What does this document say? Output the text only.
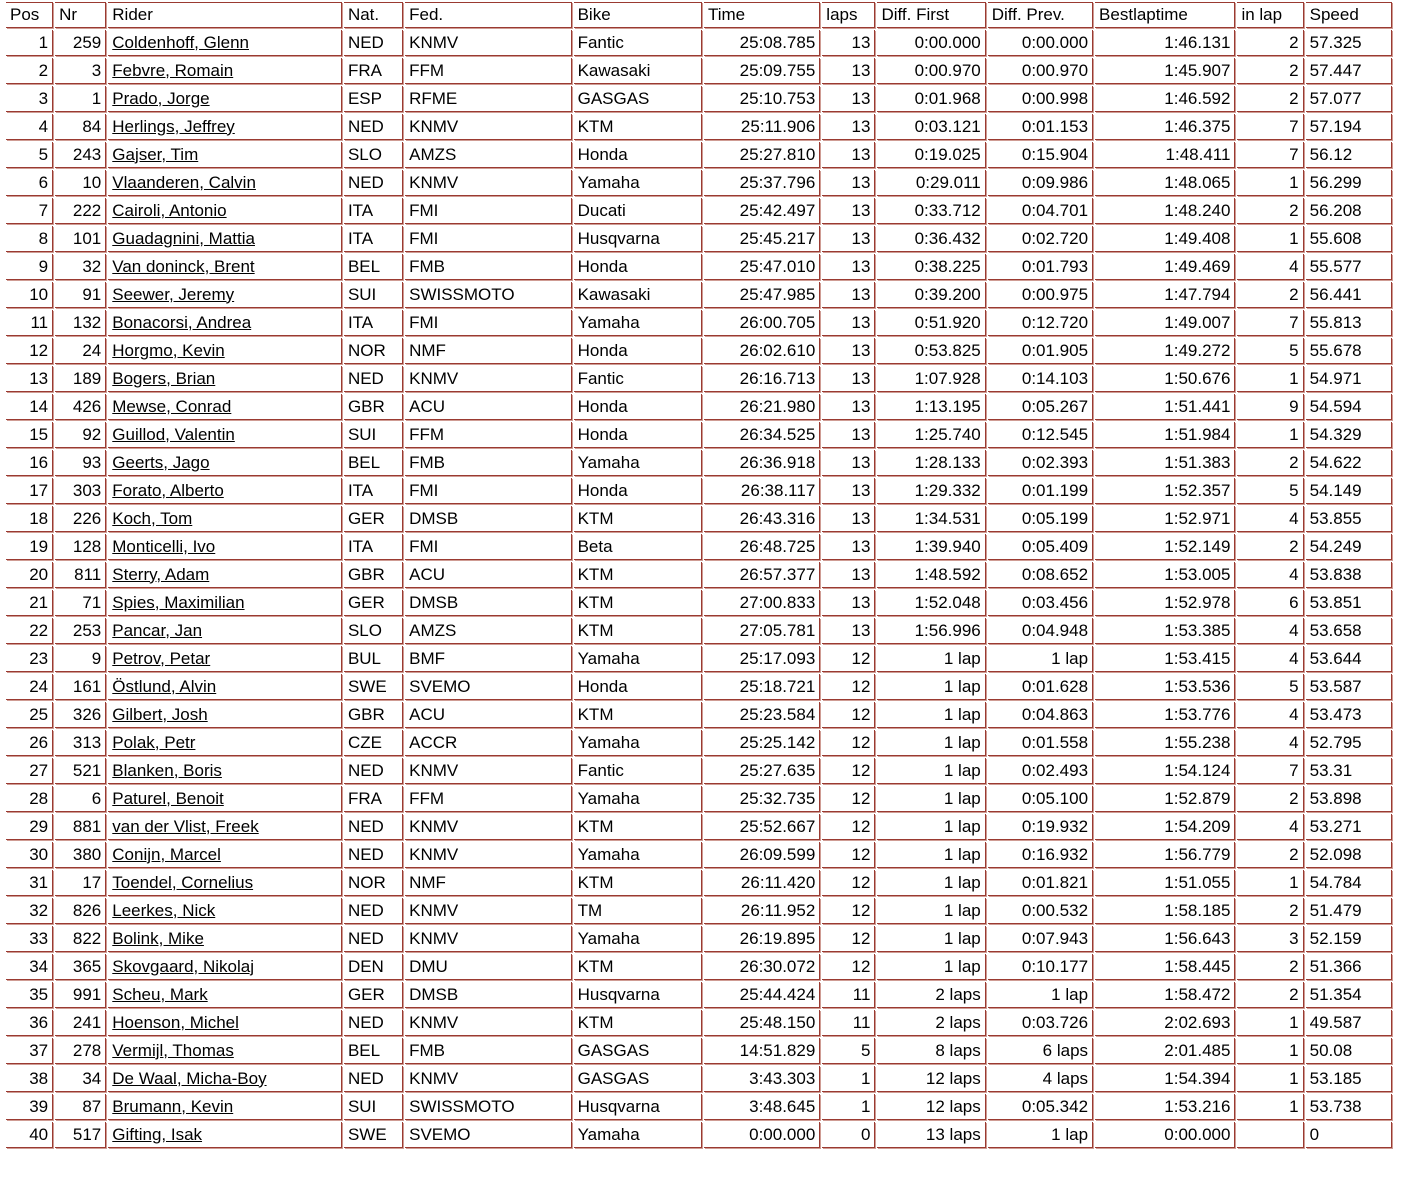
Pos	Nr	Rider	Nat.	Fed.	Bike	Time	laps	Diff. First	Diff. Prev.	Bestlaptime	in lap	Speed
1	259	Coldenhoff, Glenn	NED	KNMV	Fantic	25:08.785	13	0:00.000	0:00.000	1:46.131	2	57.325
2	3	Febvre, Romain	FRA	FFM	Kawasaki	25:09.755	13	0:00.970	0:00.970	1:45.907	2	57.447
3	1	Prado, Jorge	ESP	RFME	GASGAS	25:10.753	13	0:01.968	0:00.998	1:46.592	2	57.077
4	84	Herlings, Jeffrey	NED	KNMV	KTM	25:11.906	13	0:03.121	0:01.153	1:46.375	7	57.194
5	243	Gajser, Tim	SLO	AMZS	Honda	25:27.810	13	0:19.025	0:15.904	1:48.411	7	56.12
6	10	Vlaanderen, Calvin	NED	KNMV	Yamaha	25:37.796	13	0:29.011	0:09.986	1:48.065	1	56.299
7	222	Cairoli, Antonio	ITA	FMI	Ducati	25:42.497	13	0:33.712	0:04.701	1:48.240	2	56.208
8	101	Guadagnini, Mattia	ITA	FMI	Husqvarna	25:45.217	13	0:36.432	0:02.720	1:49.408	1	55.608
9	32	Van doninck, Brent	BEL	FMB	Honda	25:47.010	13	0:38.225	0:01.793	1:49.469	4	55.577
10	91	Seewer, Jeremy	SUI	SWISSMOTO	Kawasaki	25:47.985	13	0:39.200	0:00.975	1:47.794	2	56.441
11	132	Bonacorsi, Andrea	ITA	FMI	Yamaha	26:00.705	13	0:51.920	0:12.720	1:49.007	7	55.813
12	24	Horgmo, Kevin	NOR	NMF	Honda	26:02.610	13	0:53.825	0:01.905	1:49.272	5	55.678
13	189	Bogers, Brian	NED	KNMV	Fantic	26:16.713	13	1:07.928	0:14.103	1:50.676	1	54.971
14	426	Mewse, Conrad	GBR	ACU	Honda	26:21.980	13	1:13.195	0:05.267	1:51.441	9	54.594
15	92	Guillod, Valentin	SUI	FFM	Honda	26:34.525	13	1:25.740	0:12.545	1:51.984	1	54.329
16	93	Geerts, Jago	BEL	FMB	Yamaha	26:36.918	13	1:28.133	0:02.393	1:51.383	2	54.622
17	303	Forato, Alberto	ITA	FMI	Honda	26:38.117	13	1:29.332	0:01.199	1:52.357	5	54.149
18	226	Koch, Tom	GER	DMSB	KTM	26:43.316	13	1:34.531	0:05.199	1:52.971	4	53.855
19	128	Monticelli, Ivo	ITA	FMI	Beta	26:48.725	13	1:39.940	0:05.409	1:52.149	2	54.249
20	811	Sterry, Adam	GBR	ACU	KTM	26:57.377	13	1:48.592	0:08.652	1:53.005	4	53.838
21	71	Spies, Maximilian	GER	DMSB	KTM	27:00.833	13	1:52.048	0:03.456	1:52.978	6	53.851
22	253	Pancar, Jan	SLO	AMZS	KTM	27:05.781	13	1:56.996	0:04.948	1:53.385	4	53.658
23	9	Petrov, Petar	BUL	BMF	Yamaha	25:17.093	12	1 lap	1 lap	1:53.415	4	53.644
24	161	Östlund, Alvin	SWE	SVEMO	Honda	25:18.721	12	1 lap	0:01.628	1:53.536	5	53.587
25	326	Gilbert, Josh	GBR	ACU	KTM	25:23.584	12	1 lap	0:04.863	1:53.776	4	53.473
26	313	Polak, Petr	CZE	ACCR	Yamaha	25:25.142	12	1 lap	0:01.558	1:55.238	4	52.795
27	521	Blanken, Boris	NED	KNMV	Fantic	25:27.635	12	1 lap	0:02.493	1:54.124	7	53.31
28	6	Paturel, Benoit	FRA	FFM	Yamaha	25:32.735	12	1 lap	0:05.100	1:52.879	2	53.898
29	881	van der Vlist, Freek	NED	KNMV	KTM	25:52.667	12	1 lap	0:19.932	1:54.209	4	53.271
30	380	Conijn, Marcel	NED	KNMV	Yamaha	26:09.599	12	1 lap	0:16.932	1:56.779	2	52.098
31	17	Toendel, Cornelius	NOR	NMF	KTM	26:11.420	12	1 lap	0:01.821	1:51.055	1	54.784
32	826	Leerkes, Nick	NED	KNMV	TM	26:11.952	12	1 lap	0:00.532	1:58.185	2	51.479
33	822	Bolink, Mike	NED	KNMV	Yamaha	26:19.895	12	1 lap	0:07.943	1:56.643	3	52.159
34	365	Skovgaard, Nikolaj	DEN	DMU	KTM	26:30.072	12	1 lap	0:10.177	1:58.445	2	51.366
35	991	Scheu, Mark	GER	DMSB	Husqvarna	25:44.424	11	2 laps	1 lap	1:58.472	2	51.354
36	241	Hoenson, Michel	NED	KNMV	KTM	25:48.150	11	2 laps	0:03.726	2:02.693	1	49.587
37	278	Vermijl, Thomas	BEL	FMB	GASGAS	14:51.829	5	8 laps	6 laps	2:01.485	1	50.08
38	34	De Waal, Micha-Boy	NED	KNMV	GASGAS	3:43.303	1	12 laps	4 laps	1:54.394	1	53.185
39	87	Brumann, Kevin	SUI	SWISSMOTO	Husqvarna	3:48.645	1	12 laps	0:05.342	1:53.216	1	53.738
40	517	Gifting, Isak	SWE	SVEMO	Yamaha	0:00.000	0	13 laps	1 lap	0:00.000		0
